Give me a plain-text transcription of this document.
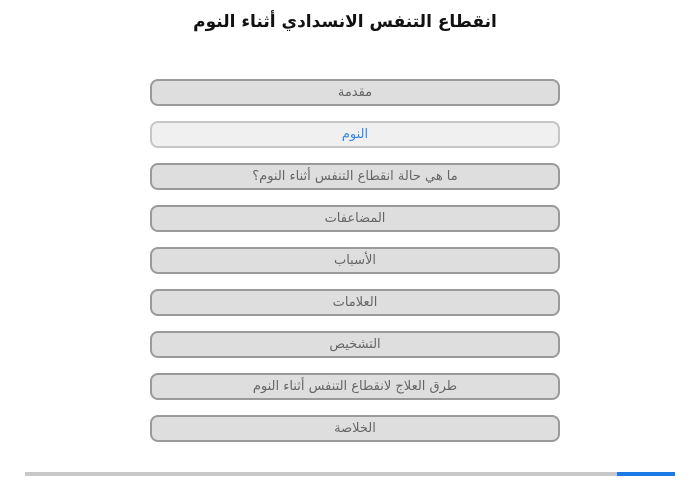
انقطاع التنفس الانسدادي أثناء النوم
مقدمة
النوم
ما هي حالة انقطاع التنفس أثناء النوم؟
المضاعفات
الأسباب
العلامات
التشخيص
طرق العلاج لانقطاع التنفس أثناء النوم
الخلاصة
